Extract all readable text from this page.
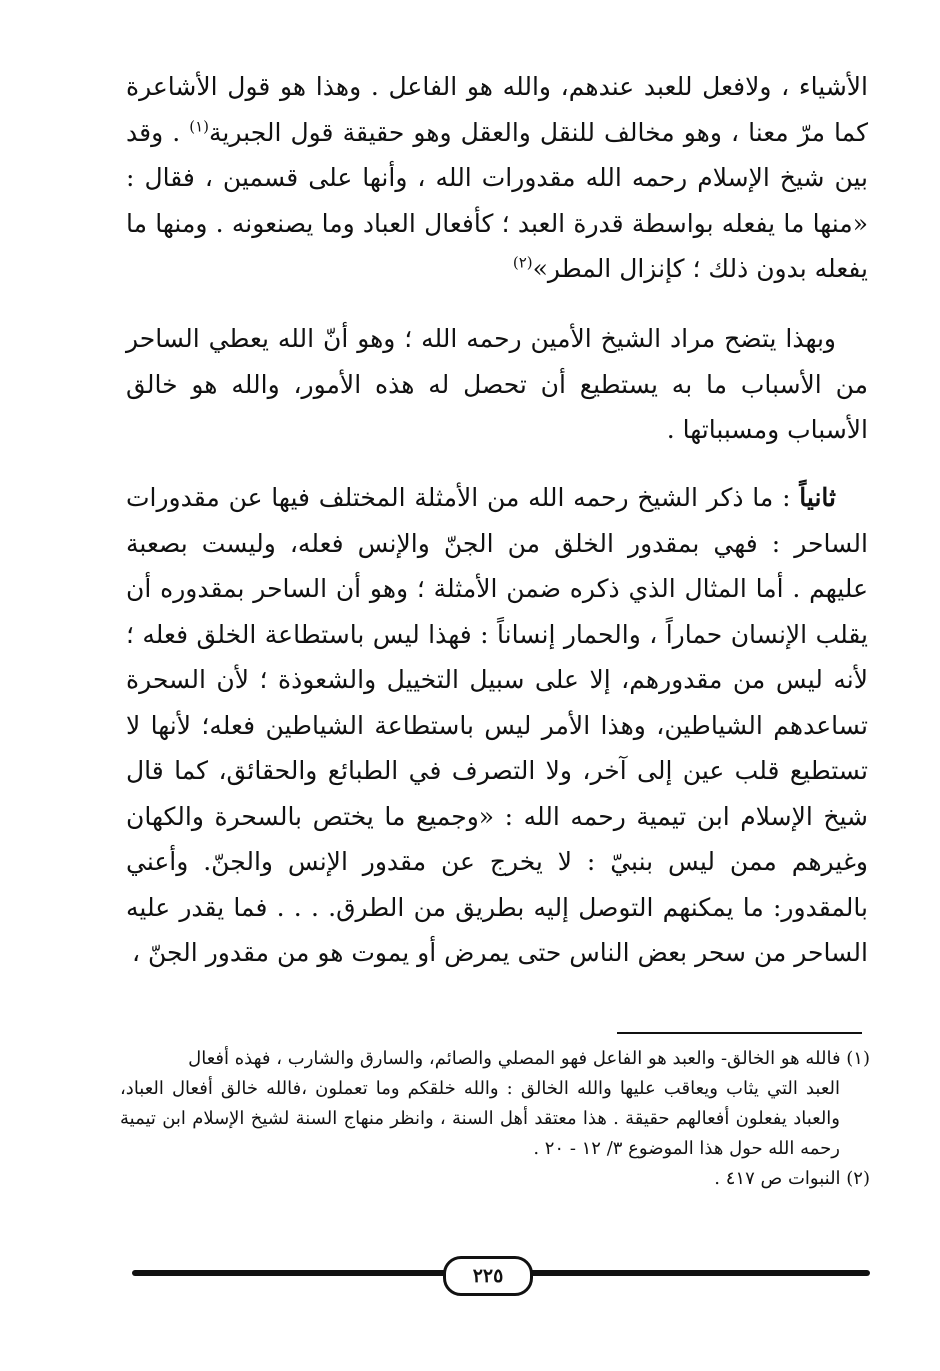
الأشياء ، ولافعل للعبد عندهم، والله هو الفاعل . وهذا هو قول الأشاعرة كما مرّ معنا ، وهو مخالف للنقل والعقل وهو حقيقة قول الجبرية$^{(١)}$ . وقد بين شيخ الإسلام رحمه الله مقدورات الله ، وأنها على قسمين ، فقال : «منها ما يفعله بواسطة قدرة العبد ؛ كأفعال العباد وما يصنعونه . ومنها ما يفعله بدون ذلك ؛ كإنزال المطر»$^{(٢)}$

وبهذا يتضح مراد الشيخ الأمين رحمه الله ؛ وهو أنّ الله يعطي الساحر من الأسباب ما به يستطيع أن تحصل له هذه الأمور، والله هو خالق الأسباب ومسبباتها .

ثانياً : ما ذكر الشيخ رحمه الله من الأمثلة المختلف فيها عن مقدورات الساحر : فهي بمقدور الخلق من الجنّ والإنس فعله، وليست بصعبة عليهم . أما المثال الذي ذكره ضمن الأمثلة ؛ وهو أن الساحر بمقدوره أن يقلب الإنسان حماراً ، والحمار إنساناً : فهذا ليس باستطاعة الخلق فعله ؛ لأنه ليس من مقدورهم، إلا على سبيل التخييل والشعوذة ؛ لأن السحرة تساعدهم الشياطين، وهذا الأمر ليس باستطاعة الشياطين فعله؛ لأنها لا تستطيع قلب عين إلى آخر، ولا التصرف في الطبائع والحقائق، كما قال شيخ الإسلام ابن تيمية رحمه الله : «وجميع ما يختص بالسحرة والكهان وغيرهم ممن ليس بنبيّ : لا يخرج عن مقدور الإنس والجنّ. وأعني بالمقدور: ما يمكنهم التوصل إليه بطريق من الطرق. . . . فما يقدر عليه الساحر من سحر بعض الناس حتى يمرض أو يموت هو من مقدور الجنّ ،

(١) فالله هو الخالق- والعبد هو الفاعل فهو المصلي والصائم، والسارق والشارب ، فهذه أفعال

العبد التي يثاب ويعاقب عليها والله الخالق : والله خلقكم وما تعملون ،فالله خالق أفعال العباد، والعباد يفعلون أفعالهم حقيقة . هذا معتقد أهل السنة ، وانظر منهاج السنة لشيخ الإسلام ابن تيمية رحمه الله حول هذا الموضوع ٣/ ١٢ - ٢٠ .

(٢) النبوات ص ٤١٧ .

٢٢٥
